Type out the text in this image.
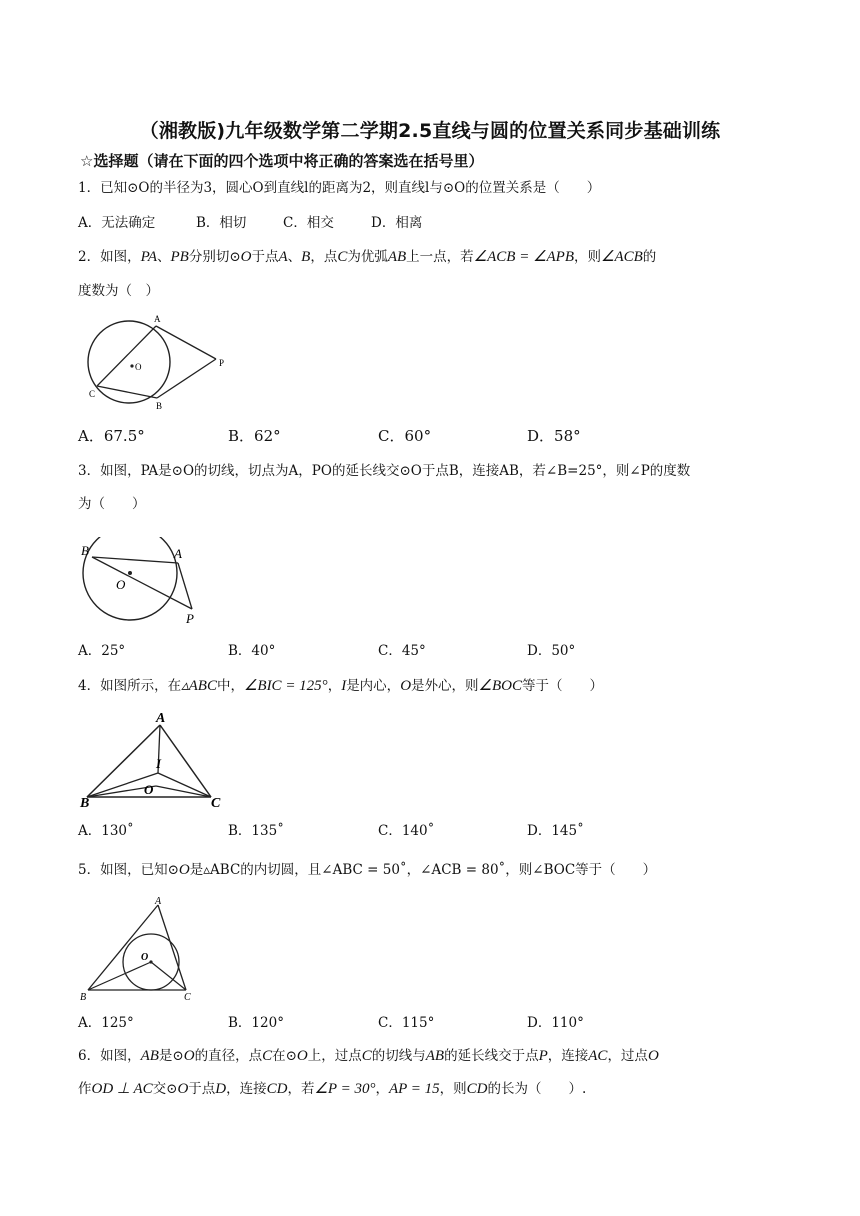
（湘教版)九年级数学第二学期2.5直线与圆的位置关系同步基础训练
☆选择题（请在下面的四个选项中将正确的答案选在括号里）
1．已知⊙O的半径为3，圆心O到直线l的距离为2，则直线l与⊙O的位置关系是（　　）
A．无法确定	B．相切	C．相交	D．相离
2．如图，PA、PB分别切⊙O于点A、B，点C为优弧AB上一点，若∠ACB = ∠APB，则∠ACB的
度数为（　）
A
P
C
B
O
A．67.5°	B．62°	C．60°	D．58°
3．如图，PA是⊙O的切线，切点为A，PO的延长线交⊙O于点B，连接AB，若∠B=25°，则∠P的度数
为（　　）
B	A
O
P
A．25°	B．40°	C．45°	D．50°
4．如图所示，在▵ABC中，∠BIC = 125°，I是内心，O是外心，则∠BOC等于（　　）
A
I
O
B	C
A．130˚	B．135˚	C．140˚	D．145˚
5．如图，已知⊙O是▵ABC的内切圆，且∠ABC = 50˚，∠ACB = 80˚，则∠BOC等于（　　）
A
O
B	C
A．125°	B．120°	C．115°	D．110°
6．如图，AB是⊙O的直径，点C在⊙O上，过点C的切线与AB的延长线交于点P，连接AC，过点O
作OD ⊥ AC交⊙O于点D，连接CD，若∠P = 30°，AP = 15，则CD的长为（　　）.
